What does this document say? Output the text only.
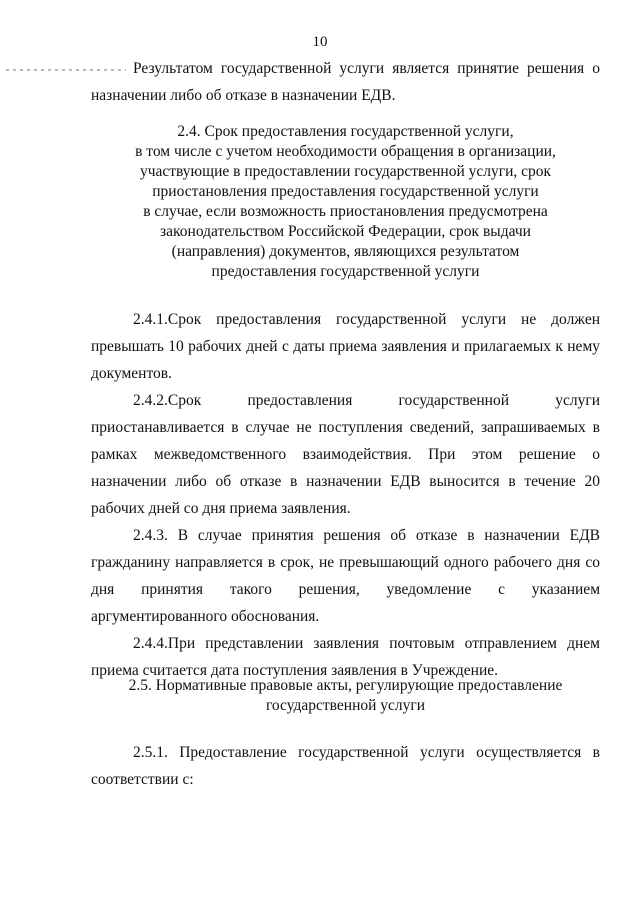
10

Результатом государственной услуги является принятие решения о назначении либо об отказе в назначении ЕДВ.

2.4. Срок предоставления государственной услуги,
в том числе с учетом необходимости обращения в организации,
участвующие в предоставлении государственной услуги, срок
приостановления предоставления государственной услуги
в случае, если возможность приостановления предусмотрена
законодательством Российской Федерации, срок выдачи
(направления) документов, являющихся результатом
предоставления государственной услуги

2.4.1.Срок предоставления государственной услуги не должен превышать 10 рабочих дней с даты приема заявления и прилагаемых к нему документов.

2.4.2.Срок предоставления государственной услуги приостанавливается в случае не поступления сведений, запрашиваемых в рамках межведомственного взаимодействия. При этом решение о назначении либо об отказе в назначении ЕДВ выносится в течение 20 рабочих дней со дня приема заявления.

2.4.3. В случае принятия решения об отказе в назначении ЕДВ гражданину направляется в срок, не превышающий одного рабочего дня со дня принятия такого решения, уведомление с указанием аргументированного обоснования.

2.4.4.При представлении заявления почтовым отправлением днем приема считается дата поступления заявления в Учреждение.

2.5. Нормативные правовые акты, регулирующие предоставление
государственной услуги

2.5.1. Предоставление государственной услуги осуществляется в соответствии с:
